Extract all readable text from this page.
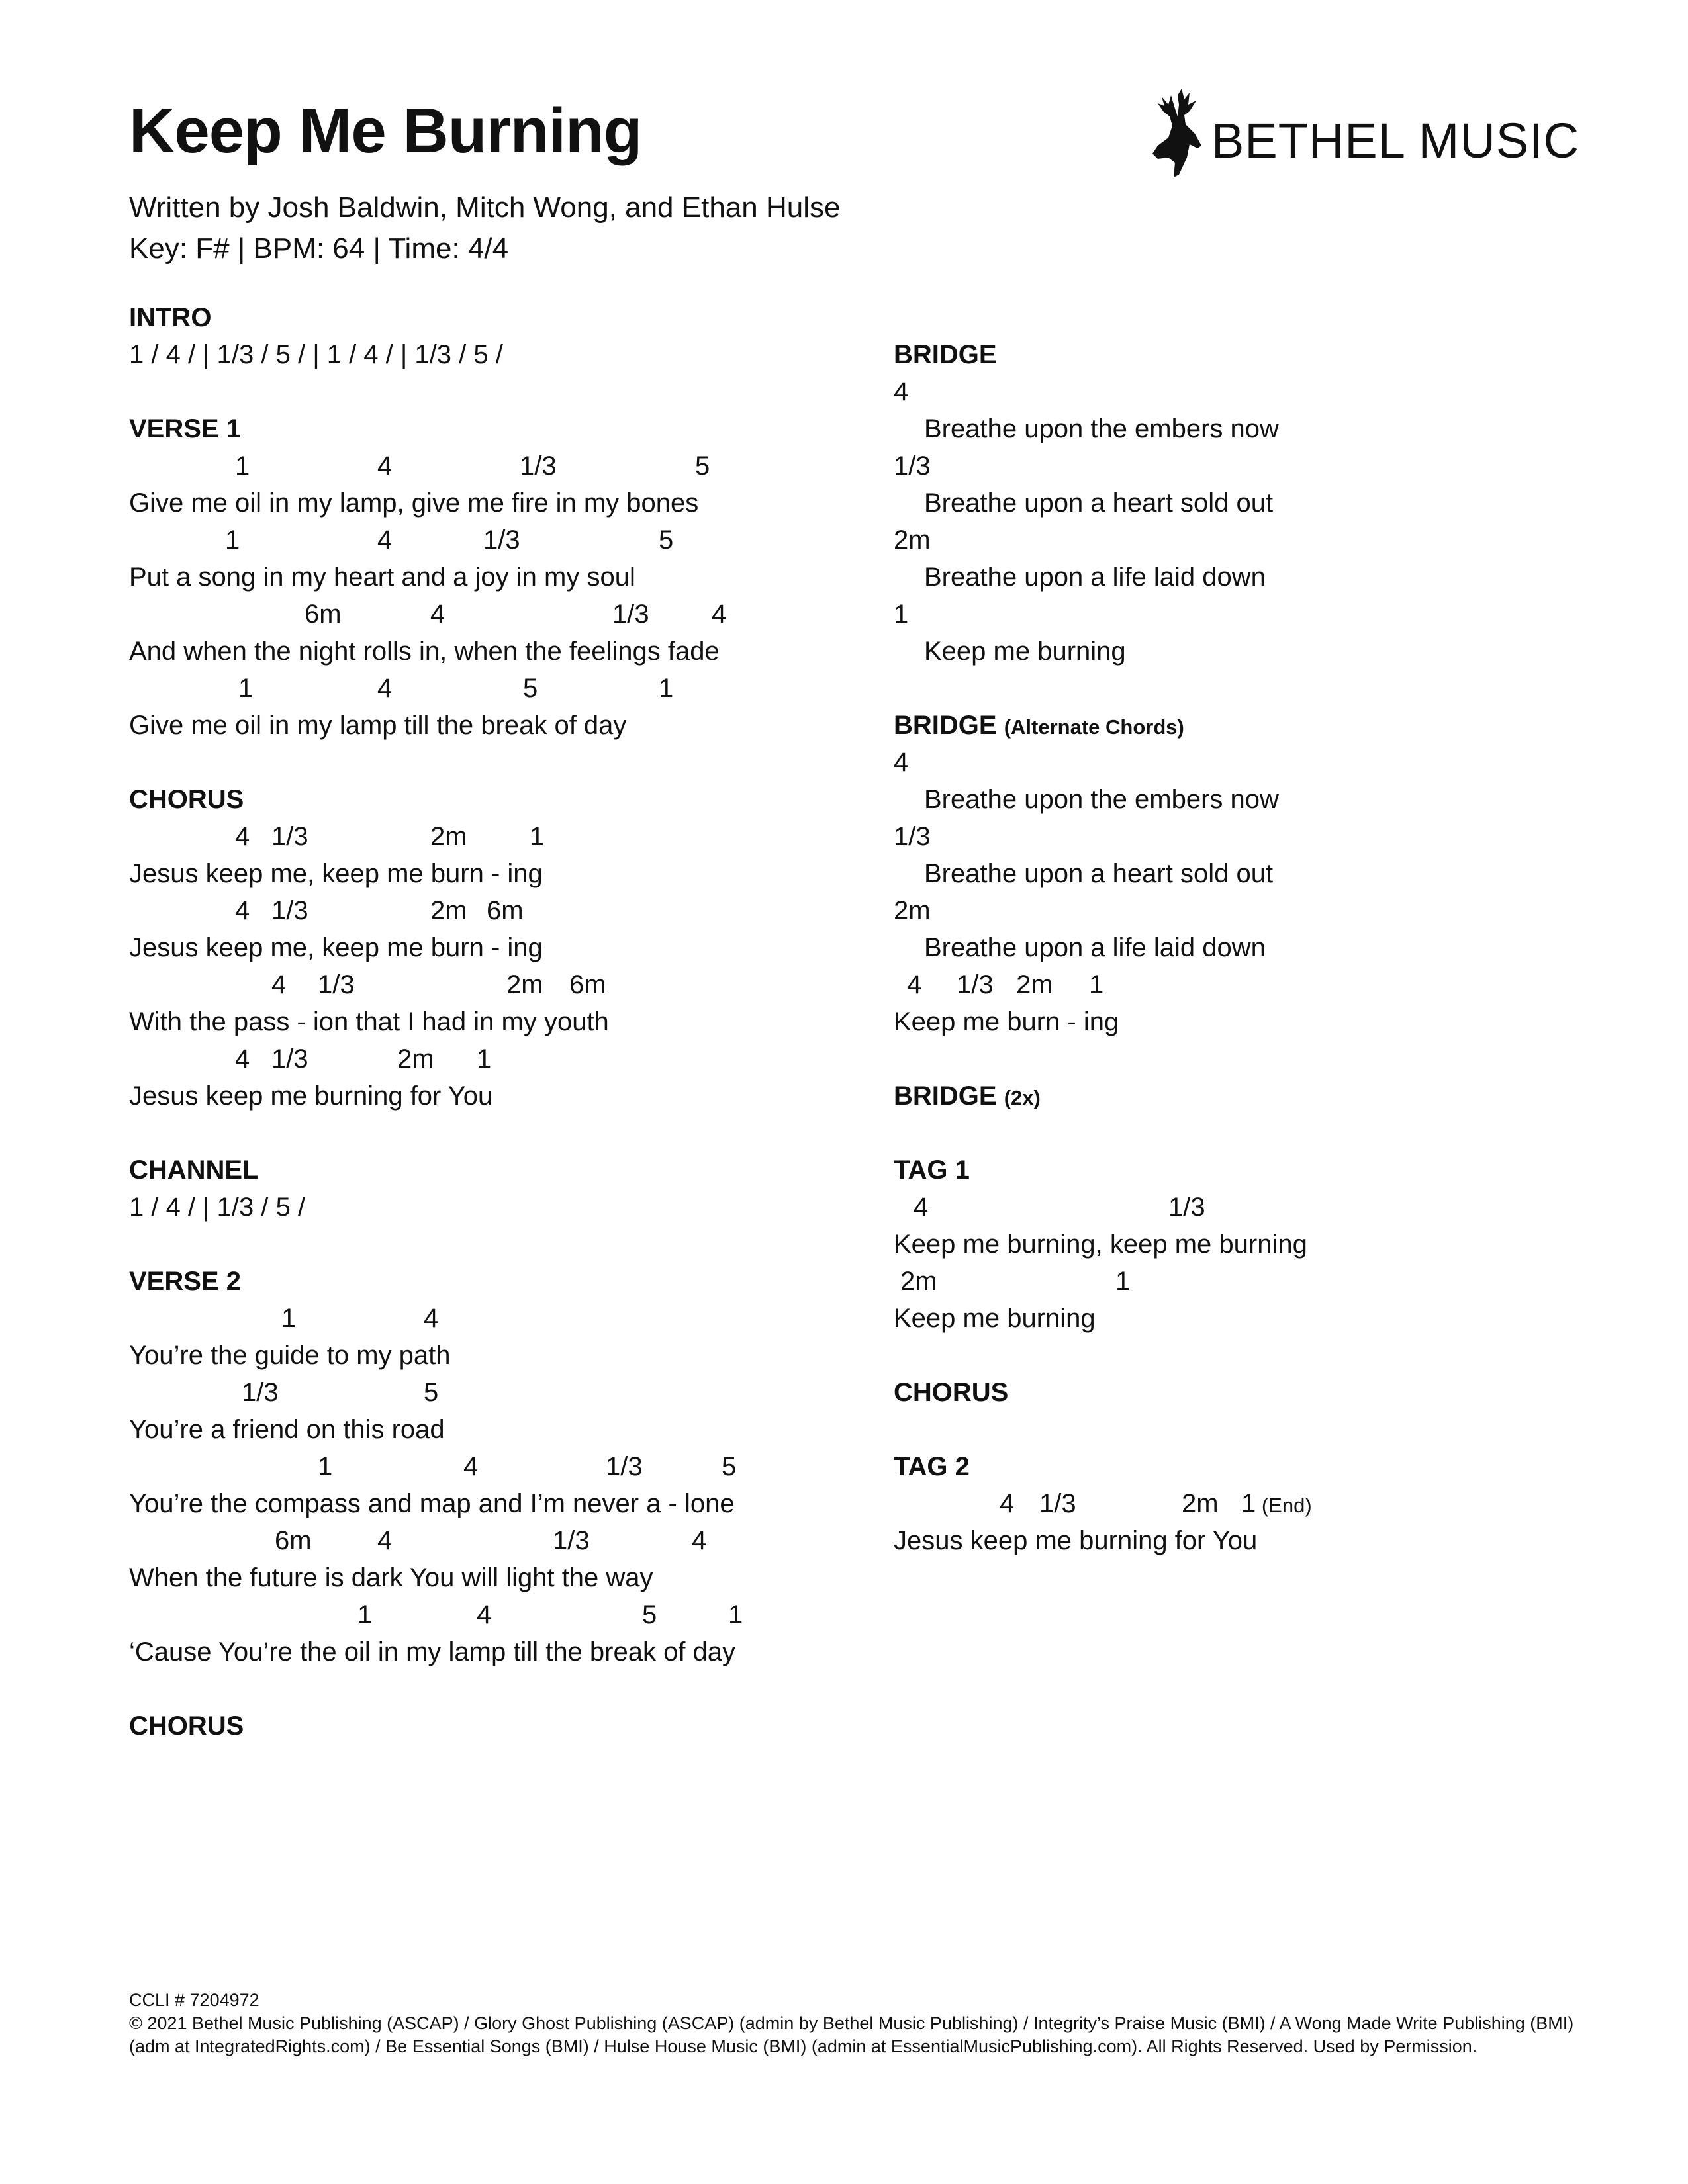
Keep Me Burning
Written by Josh Baldwin, Mitch Wong, and Ethan Hulse
Key: F# | BPM: 64 | Time: 4/4
BETHEL MUSIC
INTRO
1 / 4 / | 1/3 / 5 / | 1 / 4 / | 1/3 / 5 /
VERSE 1
1	4	1/3	5
Give me oil in my lamp, give me fire in my bones
1	4	1/3	5
Put a song in my heart and a joy in my soul
6m	4	1/3 4
And when the night rolls in, when the feelings fade
1	4	5	1
Give me oil in my lamp till the break of day
CHORUS
4 1/3	2m 1
Jesus keep me, keep me burn - ing
4 1/3	2m 6m
Jesus keep me, keep me burn - ing
4 1/3	2m 6m
With the pass - ion that I had in my youth
4 1/3	2m 1
Jesus keep me burning for You
CHANNEL
1 / 4 / | 1/3 / 5 /
VERSE 2
1	4
You’re the guide to my path
1/3	5
You’re a friend on this road
1	4	1/3	5
You’re the compass and map and I’m never a - lone
6m 4	1/3	4
When the future is dark You will light the way
1	4	5	1
‘Cause You’re the oil in my lamp till the break of day
CHORUS
BRIDGE
4
Breathe upon the embers now
1/3
Breathe upon a heart sold out
2m
Breathe upon a life laid down
1
Keep me burning
BRIDGE (Alternate Chords)
4
Breathe upon the embers now
1/3
Breathe upon a heart sold out
2m
Breathe upon a life laid down
4 1/3 2m 1
Keep me burn - ing
BRIDGE (2x)
TAG 1
4	1/3
Keep me burning, keep me burning
2m	1
Keep me burning
CHORUS
TAG 2
4 1/3	2m 1 (End)
Jesus keep me burning for You
CCLI # 7204972
© 2021 Bethel Music Publishing (ASCAP) / Glory Ghost Publishing (ASCAP) (admin by Bethel Music Publishing) / Integrity’s Praise Music (BMI) / A Wong Made Write Publishing (BMI) (adm at IntegratedRights.com) / Be Essential Songs (BMI) / Hulse House Music (BMI) (admin at EssentialMusicPublishing.com). All Rights Reserved. Used by Permission.
